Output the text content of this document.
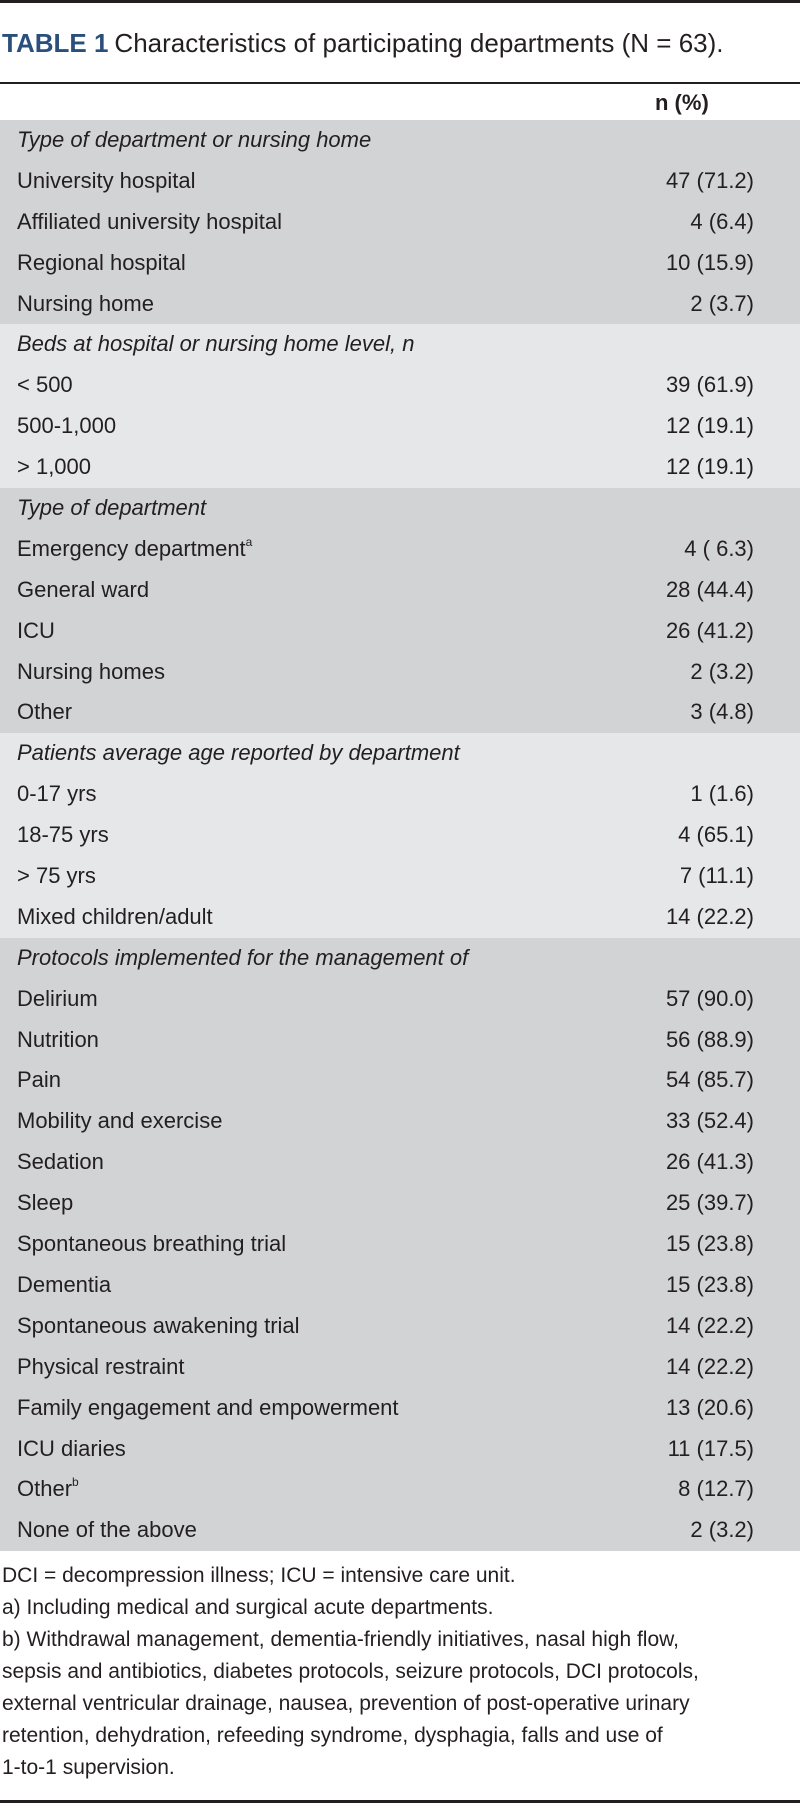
TABLE 1 Characteristics of participating departments (N = 63).
n (%)
Type of department or nursing home
University hospital	47 (71.2)
Affiliated university hospital	4 (6.4)
Regional hospital	10 (15.9)
Nursing home	2 (3.7)
Beds at hospital or nursing home level, n
< 500	39 (61.9)
500-1,000	12 (19.1)
> 1,000	12 (19.1)
Type of department
Emergency department$^a$	4 ( 6.3)
General ward	28 (44.4)
ICU	26 (41.2)
Nursing homes	2 (3.2)
Other	3 (4.8)
Patients average age reported by department
0-17 yrs	1 (1.6)
18-75 yrs	4 (65.1)
> 75 yrs	7 (11.1)
Mixed children/adult	14 (22.2)
Protocols implemented for the management of
Delirium	57 (90.0)
Nutrition	56 (88.9)
Pain	54 (85.7)
Mobility and exercise	33 (52.4)
Sedation	26 (41.3)
Sleep	25 (39.7)
Spontaneous breathing trial	15 (23.8)
Dementia	15 (23.8)
Spontaneous awakening trial	14 (22.2)
Physical restraint	14 (22.2)
Family engagement and empowerment	13 (20.6)
ICU diaries	11 (17.5)
Other$^b$	8 (12.7)
None of the above	2 (3.2)
DCI = decompression illness; ICU = intensive care unit.
a) Including medical and surgical acute departments.
b) Withdrawal management, dementia-friendly initiatives, nasal high flow,
sepsis and antibiotics, diabetes protocols, seizure protocols, DCI protocols,
external ventricular drainage, nausea, prevention of post-operative urinary
retention, dehydration, refeeding syndrome, dysphagia, falls and use of
1-to-1 supervision.
